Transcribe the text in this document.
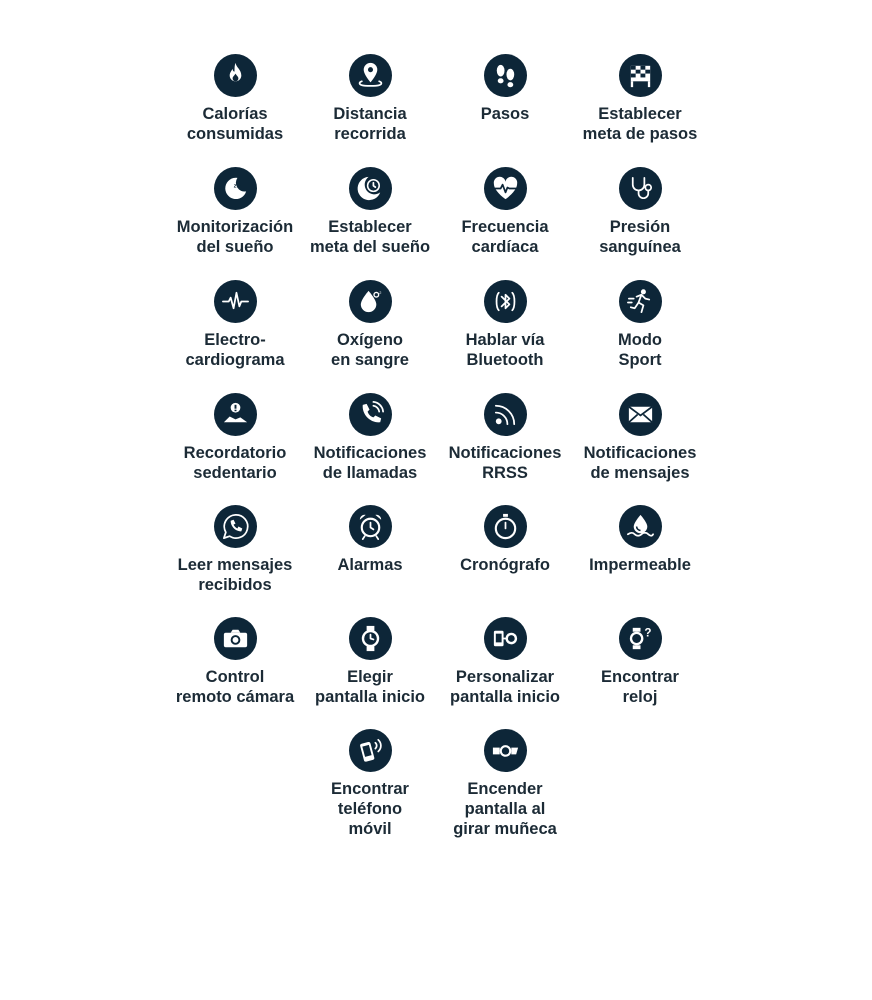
Calorías
consumidas
Distancia
recorrida
Pasos	Establecer
meta de pasos
z z
Monitorización
del sueño
Establecer
meta del sueño
Frecuencia
cardíaca
Presión
sanguínea
Electro-
cardiograma
2
Oxígeno
en sangre
Hablar vía
Bluetooth
Modo
Sport
Recordatorio
sedentario
Notificaciones
de llamadas
Notificaciones
RRSS
Notificaciones
de mensajes
Leer mensajes
recibidos
Alarmas	Cronógrafo Impermeable
Control
remoto cámara
Elegir
pantalla inicio
Personalizar
pantalla inicio
?
Encontrar
reloj
Encontrar
teléfono
móvil
Encender
pantalla al
girar muñeca
